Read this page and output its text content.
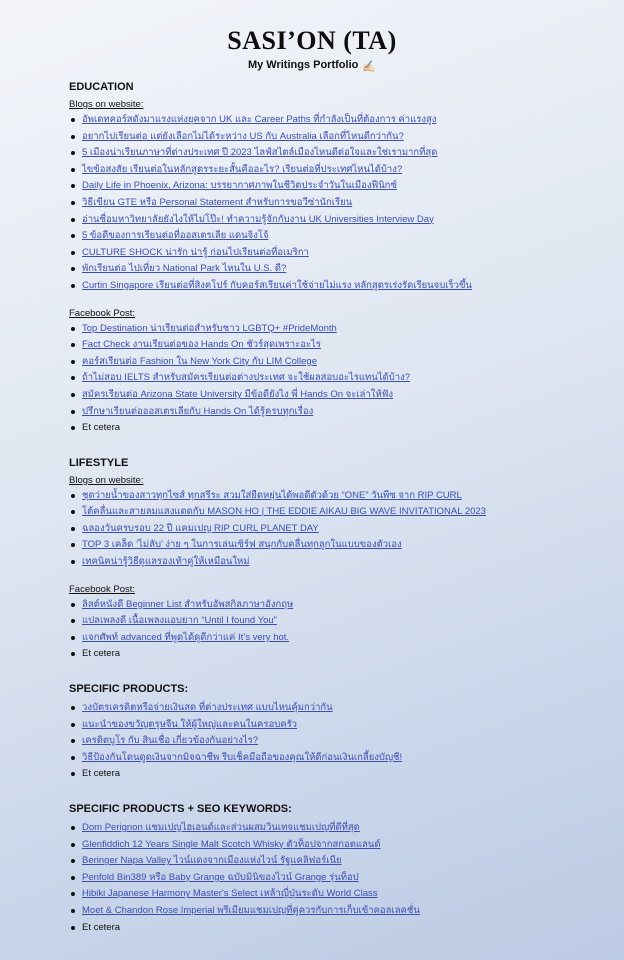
SASI’ON (TA)
My Writings Portfolio ✍🏻
EDUCATION
Blogs on website:
อัพเดทคอร์สดังมาแรงแห่งยุคจาก UK และ Career Paths ที่กำลังเป็นที่ต้องการ ค่าแรงสูง
อยากไปเรียนต่อ แต่ยังเลือกไม่ได้ระหว่าง US กับ Australia เลือกที่ไหนดีกว่ากัน?
5 เมืองน่าเรียนภาษาที่ต่างประเทศ ปี 2023 ไลฟ์สไตล์เมืองไหนดีต่อใจและใช่เรามากที่สุด
ไขข้อสงสัย เรียนต่อในหลักสูตรระยะสั้นคืออะไร? เรียนต่อที่ประเทศไหนได้บ้าง?
Daily Life in Phoenix, Arizona: บรรยากาศภาพในชีวิตประจำวันในเมืองฟีนิกซ์
วิธีเขียน GTE หรือ Personal Statement สำหรับการขอวีซ่านักเรียน
อ่านชื่อมหาวิทยาลัยยังไงให้ไม่โป๊ะ! ทำความรู้จักกับงาน UK Universities Interview Day
5 ข้อดีของการเรียนต่อที่ออสเตรเลีย แดนจิงโจ้
CULTURE SHOCK น่ารัก น่ารู้ ก่อนไปเรียนต่อที่อเมริกา
พักเรียนต่อ ไปเที่ยว National Park ไหนใน U.S. ดี?
Curtin Singapore เรียนต่อที่สิงคโปร์ กับคอร์สเรียนค่าใช้จ่ายไม่แรง หลักสูตรเร่งรัดเรียนจบเร็วขึ้น
Facebook Post:
Top Destination น่าเรียนต่อสำหรับชาว LGBTQ+ #PrideMonth
Fact Check งานเรียนต่อของ Hands On ชัวร์สุดเพราะอะไร
คอร์สเรียนต่อ Fashion ใน New York City กับ LIM College
ถ้าไม่สอบ IELTS สำหรับสมัครเรียนต่อต่างประเทศ จะใช้ผลสอบอะไรแทนได้บ้าง?
สมัครเรียนต่อ Arizona State University มีข้อดียังไง พี่ Hands On จะเล่าให้ฟัง
ปรึกษาเรียนต่อออสเตรเลียกับ Hands On ได้รู้ครบทุกเรื่อง
Et cetera
LIFESTYLE
Blogs on website:
ชุดว่ายน้ำของสาวทุกไซส์ ทุกสรีระ สวมใส่ยืดหยุ่นได้พอดีตัวด้วย “ONE” วันพีซ จาก RIP CURL
โต้คลื่นและสายลมแสงแดดกับ MASON HO | THE EDDIE AIKAU BIG WAVE INVITATIONAL 2023
ฉลองวันครบรอบ 22 ปี แคมเปญ RIP CURL PLANET DAY
TOP 3 เคล็ด ‘ไม่ลับ’ ง่าย ๆ ในการเล่นเซิร์ฟ สนุกกับคลื่นทุกลูกในแบบของตัวเอง
เทคนิคน่ารู้วิธีดูแลรองเท้าคู่ให้เหมือนใหม่
Facebook Post:
ลิสต์หนังดี Beginner List สำหรับอัพสกิลภาษาอังกฤษ
แปลเพลงดี เนื้อเพลงแอบยาก “Until I found You”
แจกศัพท์ advanced ที่พูดได้ดูดีกว่าแค่ It’s very hot.
Et cetera
SPECIFIC PRODUCTS:
วงบัตรเครดิตหรือจ่ายเงินสด ที่ต่างประเทศ แบบไหนคุ้มกว่ากัน
แนะนำของขวัญตรุษจีน ให้ผู้ใหญ่และคนในครอบครัว
เครดิตบูโร กับ สินเชื่อ เกี่ยวข้องกันอย่างไร?
วิธีป้องกันโดนดูดเงินจากมิจฉาชีพ รีบเช็คมือถือของคุณให้ดีก่อนเงินเกลี้ยงบัญชี!
Et cetera
SPECIFIC PRODUCTS + SEO KEYWORDS:
Dom Perignon แชมเปญไฮเอนด์และส่วนผสมวินเทจแชมเปญที่ดีที่สุด
Glenfiddich 12 Years Single Malt Scotch Whisky ตัวท็อปจากสกอตแลนด์
Beringer Napa Valley ไวน์แดงจากเมืองแห่งไวน์ รัฐแคลิฟอร์เนีย
Penfold Bin389 หรือ Baby Grange ฉบับมินิของไวน์ Grange รุ่นท็อป
Hibiki Japanese Harmony Master's Select เหล้าญี่ปุ่นระดับ World Class
Moet & Chandon Rose Imperial พรีเมียมแชมเปญที่คู่ควรกับการเก็บเข้าคอลเลคชั่น
Et cetera
